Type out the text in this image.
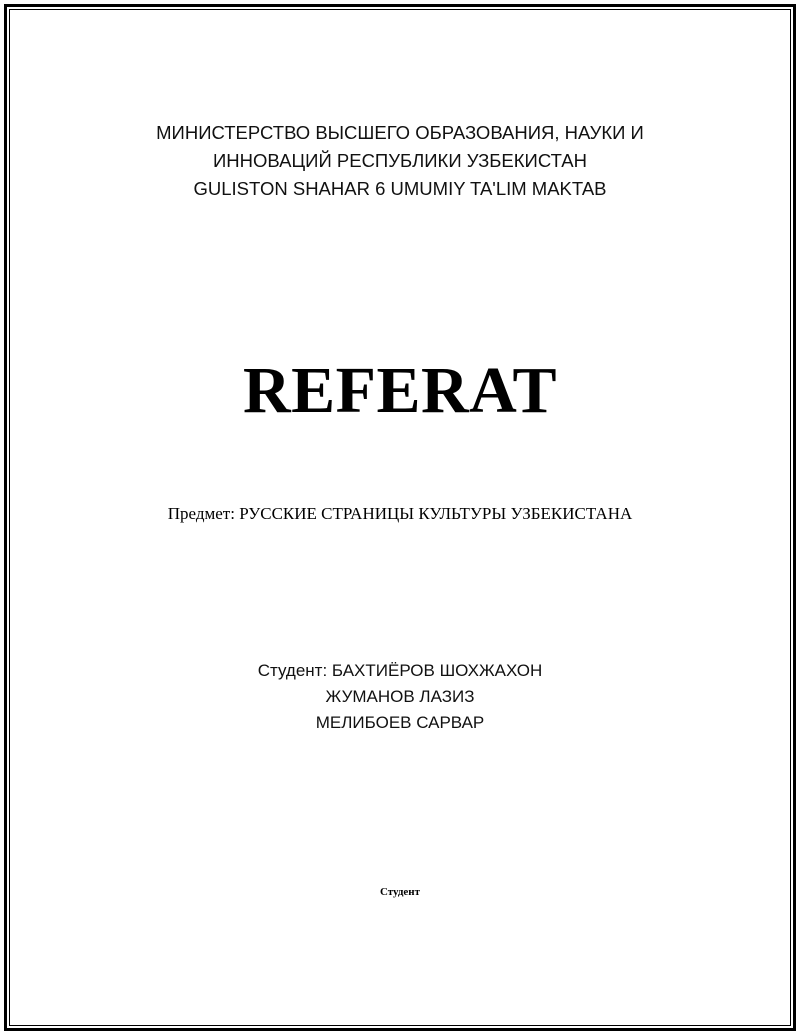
МИНИСТЕРСТВО ВЫСШЕГО ОБРАЗОВАНИЯ, НАУКИ И
ИННОВАЦИЙ РЕСПУБЛИКИ УЗБЕКИСТАН
GULISTON SHAHAR 6 UMUMIY TA'LIM MAKTAB
REFERAT
Предмет: РУССКИЕ СТРАНИЦЫ КУЛЬТУРЫ УЗБЕКИСТАНА
Студент: БАХТИЁРОВ ШОХЖАХОН
ЖУМАНОВ ЛАЗИЗ
МЕЛИБОЕВ САРВАР
Студент
